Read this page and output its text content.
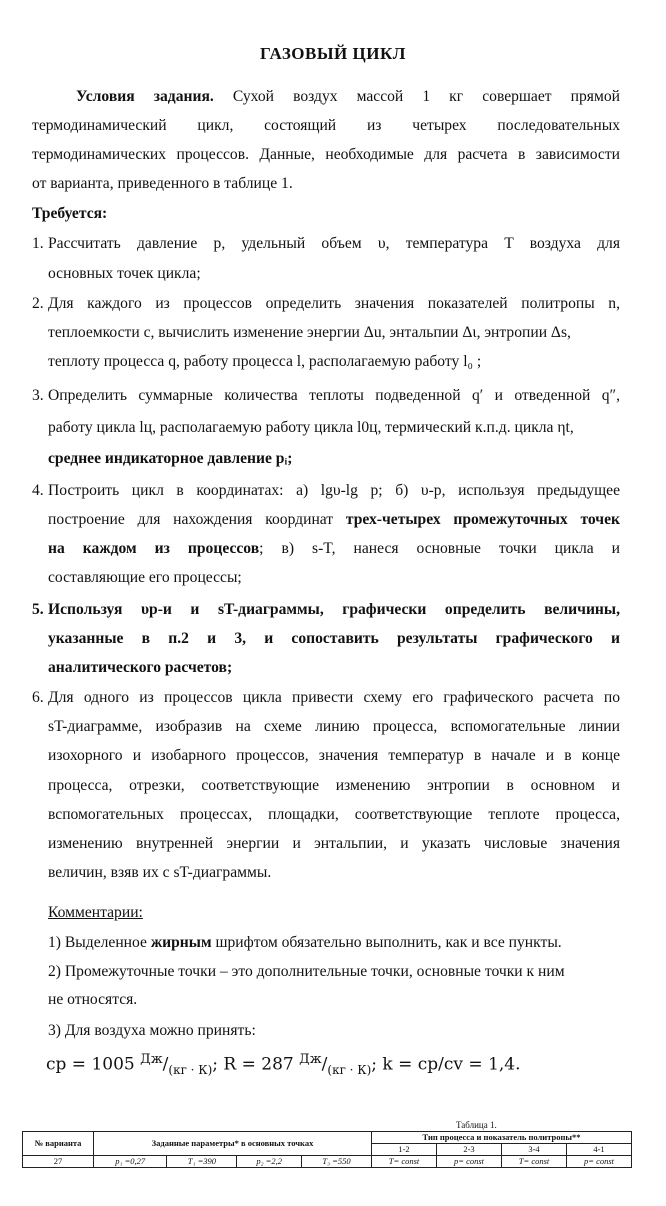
ГАЗОВЫЙ ЦИКЛ
Условия задания. Сухой воздух массой 1 кг совершает прямой
термодинамический цикл, состоящий из четырех последовательных
термодинамических процессов. Данные, необходимые для расчета в зависимости
от варианта, приведенного в таблице 1.
Требуется:
1. Рассчитать давление p, удельный объем υ, температура T воздуха для
основных точек цикла;
2. Для каждого из процессов определить значения показателей политропы n,
теплоемкости c, вычислить изменение энергии Δu, энтальпии Δι, энтропии Δs,
теплоту процесса q, работу процесса l, располагаемую работу l₀ ;
3. Определить суммарные количества теплоты подведенной q′ и отведенной q″,
работу цикла lц, располагаемую работу цикла l0ц, термический к.п.д. цикла ηt,
среднее индикаторное давление pᵢ;
4. Построить цикл в координатах: а) lgυ-lg p; б) υ-p, используя предыдущее
построение для нахождения координат трех-четырех промежуточных точек
на каждом из процессов; в) s-T, нанеся основные точки цикла и
составляющие его процессы;
5. Используя υp-и и sT-диаграммы, графически определить величины,
указанные в п.2 и 3, и сопоставить результаты графического и
аналитического расчетов;
6. Для одного из процессов цикла привести схему его графического расчета по
sT-диаграмме, изобразив на схеме линию процесса, вспомогательные линии
изохорного и изобарного процессов, значения температур в начале и в конце
процесса, отрезки, соответствующие изменению энтропии в основном и
вспомогательных процессах, площадки, соответствующие теплоте процесса,
изменению внутренней энергии и энтальпии, и указать числовые значения
величин, взяв их с sT-диаграммы.
Комментарии:
1) Выделенное жирным шрифтом обязательно выполнить, как и все пункты.
2) Промежуточные точки – это дополнительные точки, основные точки к ним
не относятся.
3) Для воздуха можно принять:
cp = 1005 $^{Дж}/_{(кг \cdot К)}$; R = 287 $^{Дж}/_{(кг \cdot К)}$; k = cp/cv = 1,4.
Таблица 1.
№ варианта	Заданные параметры* в основных точках				Тип процесса и показатель политропы**			
					1-2	2-3	3-4	4-1
27	p₁ =0,27	T₁ =390	p₂ =2,2	T₃ =550	T= const	p= const	T= const	p= const
